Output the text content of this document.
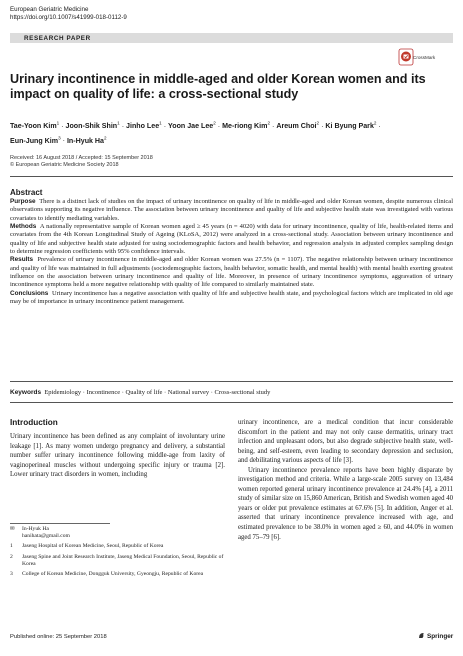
European Geriatric Medicine
https://doi.org/10.1007/s41999-018-0112-9
RESEARCH PAPER
CrossMark
Urinary incontinence in middle-aged and older Korean women and its impact on quality of life: a cross-sectional study
Tae-Yoon Kim$^1$ · Joon-Shik Shin$^1$ · Jinho Lee$^1$ · Yoon Jae Lee$^2$ · Me-riong Kim$^2$ · Areum Choi$^2$ · Ki Byung Park$^2$ ·
Eun-Jung Kim$^3$ · In-Hyuk Ha$^2$
Received: 16 August 2018 / Accepted: 15 September 2018
© European Geriatric Medicine Society 2018
Abstract

Purpose There is a distinct lack of studies on the impact of urinary incontinence on quality of life in middle-aged and older Korean women, despite numerous clinical observations supporting its negative influence. The association between urinary incontinence and quality of life and subjective health state was investigated with various covariates to identify mediating variables.

Methods A nationally representative sample of Korean women aged ≥ 45 years (n = 4020) with data for urinary incontinence, quality of life, health-related items and covariates from the 4th Korean Longitudinal Study of Ageing (KLoSA, 2012) were analyzed in a cross-sectional study. Association between urinary incontinence and quality of life and subjective health state adjusted for using sociodemographic factors and health behavior, and regression analysis in adjusted complex sampling design to determine regression coefficients with 95% confidence intervals.

Results Prevalence of urinary incontinence in middle-aged and older Korean women was 27.5% (n = 1107). The negative relationship between urinary incontinence and quality of life was maintained in full adjustments (sociodemographic factors, health behavior, somatic health, and mental health) with mental health exerting greatest influence on the association between urinary incontinence and quality of life. Moreover, in presence of urinary incontinence symptoms, aggravation of urinary incontinence symptoms held a more negative relationship with quality of life compared to similarly maintained state.

Conclusions Urinary incontinence has a negative association with quality of life and subjective health state, and psychological factors which are implicated in old age may be of importance in urinary incontinence patient management.

Keywords Epidemiology · Incontinence · Quality of life · National survey · Cross-sectional study
Introduction

Urinary incontinence has been defined as any complaint of involuntary urine leakage [1]. As many women undergo pregnancy and delivery, a substantial number suffer urinary incontinence following middle-age from laxity of vaginoperineal muscles without undergoing specific injury or trauma [2]. Lower urinary tract disorders in women, including

urinary incontinence, are a medical condition that incur considerable discomfort in the patient and may not only cause dermatitis, urinary tract infection and unpleasant odors, but also degrade subjective health state, well-being, and self-esteem, even leading to secondary depression and seclusion, and debilitating various aspects of life [3].

Urinary incontinence prevalence reports have been highly disparate by investigation method and criteria. While a large-scale 2005 survey on 13,484 women reported general urinary incontinence prevalence at 24.4% [4], a 2011 study of similar size on 15,860 American, British and Swedish women aged 40 years or older put prevalence estimates at 67.6% [5]. In addition, Anger et al. asserted that urinary incontinence prevalence increased with age, and estimated prevalence to be 38.0% in women aged ≥ 60, and 44.0% in women aged 75–79 [6].

✉	In-Hyuk Ha
hanihata@gmail.com
1	Jaseng Hospital of Korean Medicine, Seoul, Republic of Korea
2	Jaseng Spine and Joint Research Institute, Jaseng Medical Foundation, Seoul, Republic of Korea
3	College of Korean Medicine, Dongguk University, Gyeongju, Republic of Korea
Published online: 25 September 2018	Springer
